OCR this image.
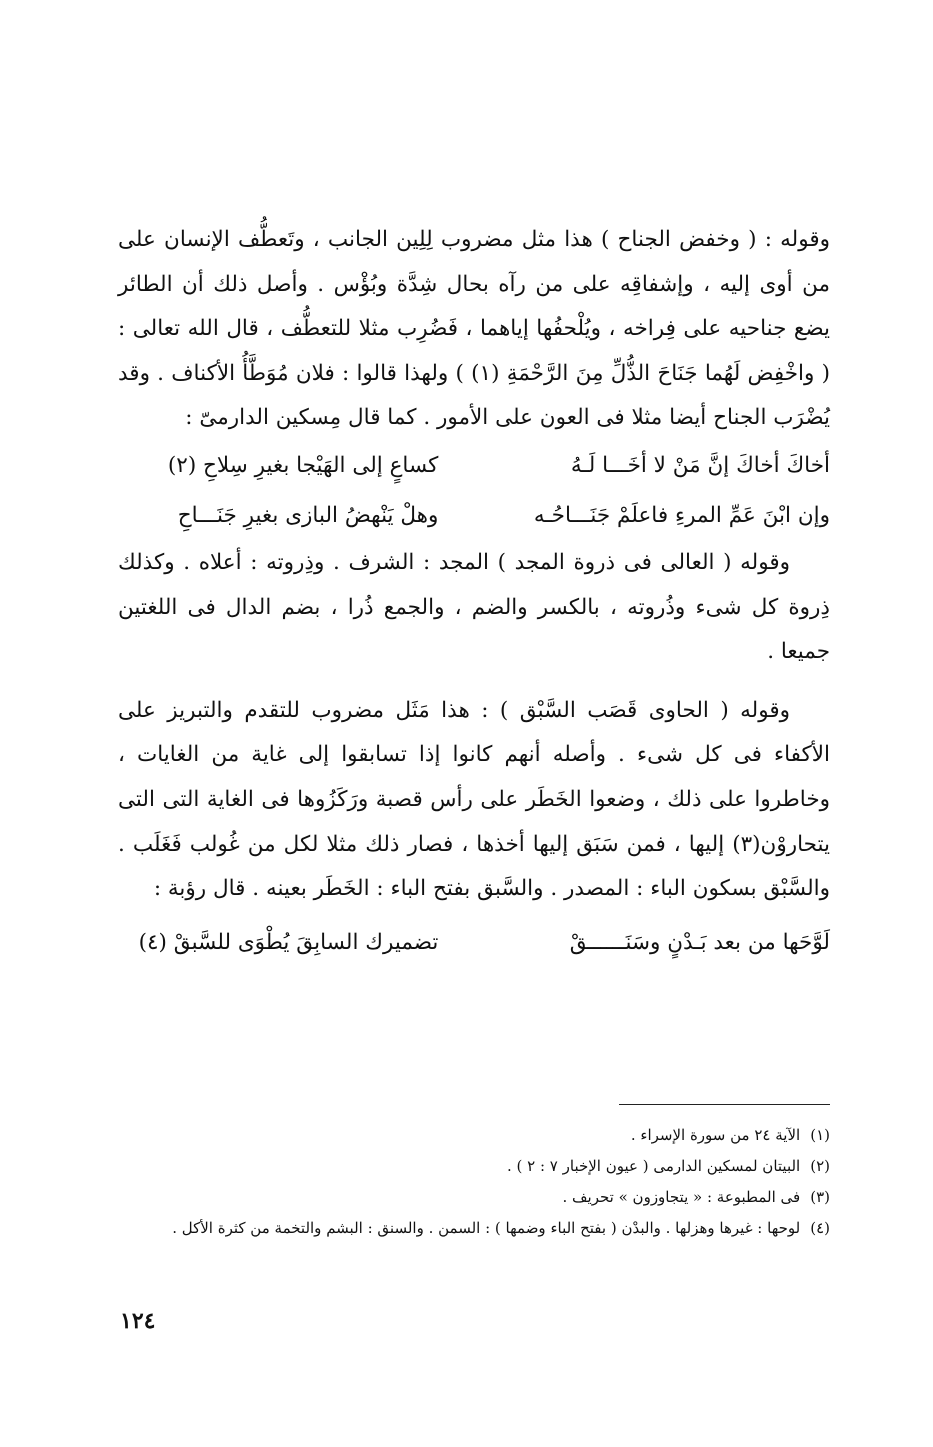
وقوله : ( وخفض الجناح ) هذا مثل مضروب لِلِين الجانب ، وتَعطُّف الإنسان على من أوى إليه ، وإشفاقِه على من رآه بحال شِدَّة وبُؤْس . وأصل ذلك أن الطائر يضع جناحيه على فِراخه ، ويُلْحفُها إياهما ، فَضُرِب مثلا للتعطُّف ، قال الله تعالى : ( واخْفِض لَهُما جَنَاحَ الذُّلِّ مِنَ الرَّحْمَةِ (١) ) ولهذا قالوا : فلان مُوَطَّأُ الأكناف . وقد يُضْرَب الجناح أيضا مثلا فى العون على الأمور . كما قال مِسكين الدارمىّ :

أخاكَ أخاكَ إنَّ مَنْ لا أخَـــا لَـهُ
كساعٍ إلى الهَيْجا بغيرِ سِلاحِ (٢)
وإن ابْنَ عَمِّ المرءِ فاعلَمْ جَنَـــاحُـه
وهلْ يَنْهضُ البازى بغيرِ جَنَـــاحِ

وقوله ( العالى فى ذروة المجد ) المجد : الشرف . وذِروته : أعلاه . وكذلك ذِروة كل شىء وذُروته ، بالكسر والضم ، والجمع ذُرا ، بضم الدال فى اللغتين جميعا .

وقوله ( الحاوى قَصَب السَّبْق ) : هذا مَثَل مضروب للتقدم والتبريز على الأكفاء فى كل شىء . وأصله أنهم كانوا إذا تسابقوا إلى غاية من الغايات ، وخاطروا على ذلك ، وضعوا الخَطَر على رأس قصبة ورَكَزُوها فى الغاية التى التى يتحاروْن(٣) إليها ، فمن سَبَق إليها أخذها ، فصار ذلك مثلا لكل من غُولب فَغَلَب . والسَّبْق بسكون الباء : المصدر . والسَّبق بفتح الباء : الخَطَر بعينه . قال رؤبة :

لَوَّحَها من بعد بَـدْنٍ وسَنَــــــقْ
تضميرك السابِقَ يُطْوَى للسَّبقْ (٤)

(١)الآية ٢٤ من سورة الإسراء .

(٢)البيتان لمسكين الدارمى ( عيون الإخبار ٧ : ٢ ) .

(٣)فى المطبوعة : « يتجاوزون » تحريف .

(٤)لوحها : غيرها وهزلها . والبدْن ( بفتح الباء وضمها ) : السمن . والسنق : البشم والتخمة من كثرة الأكل .

١٢٤
